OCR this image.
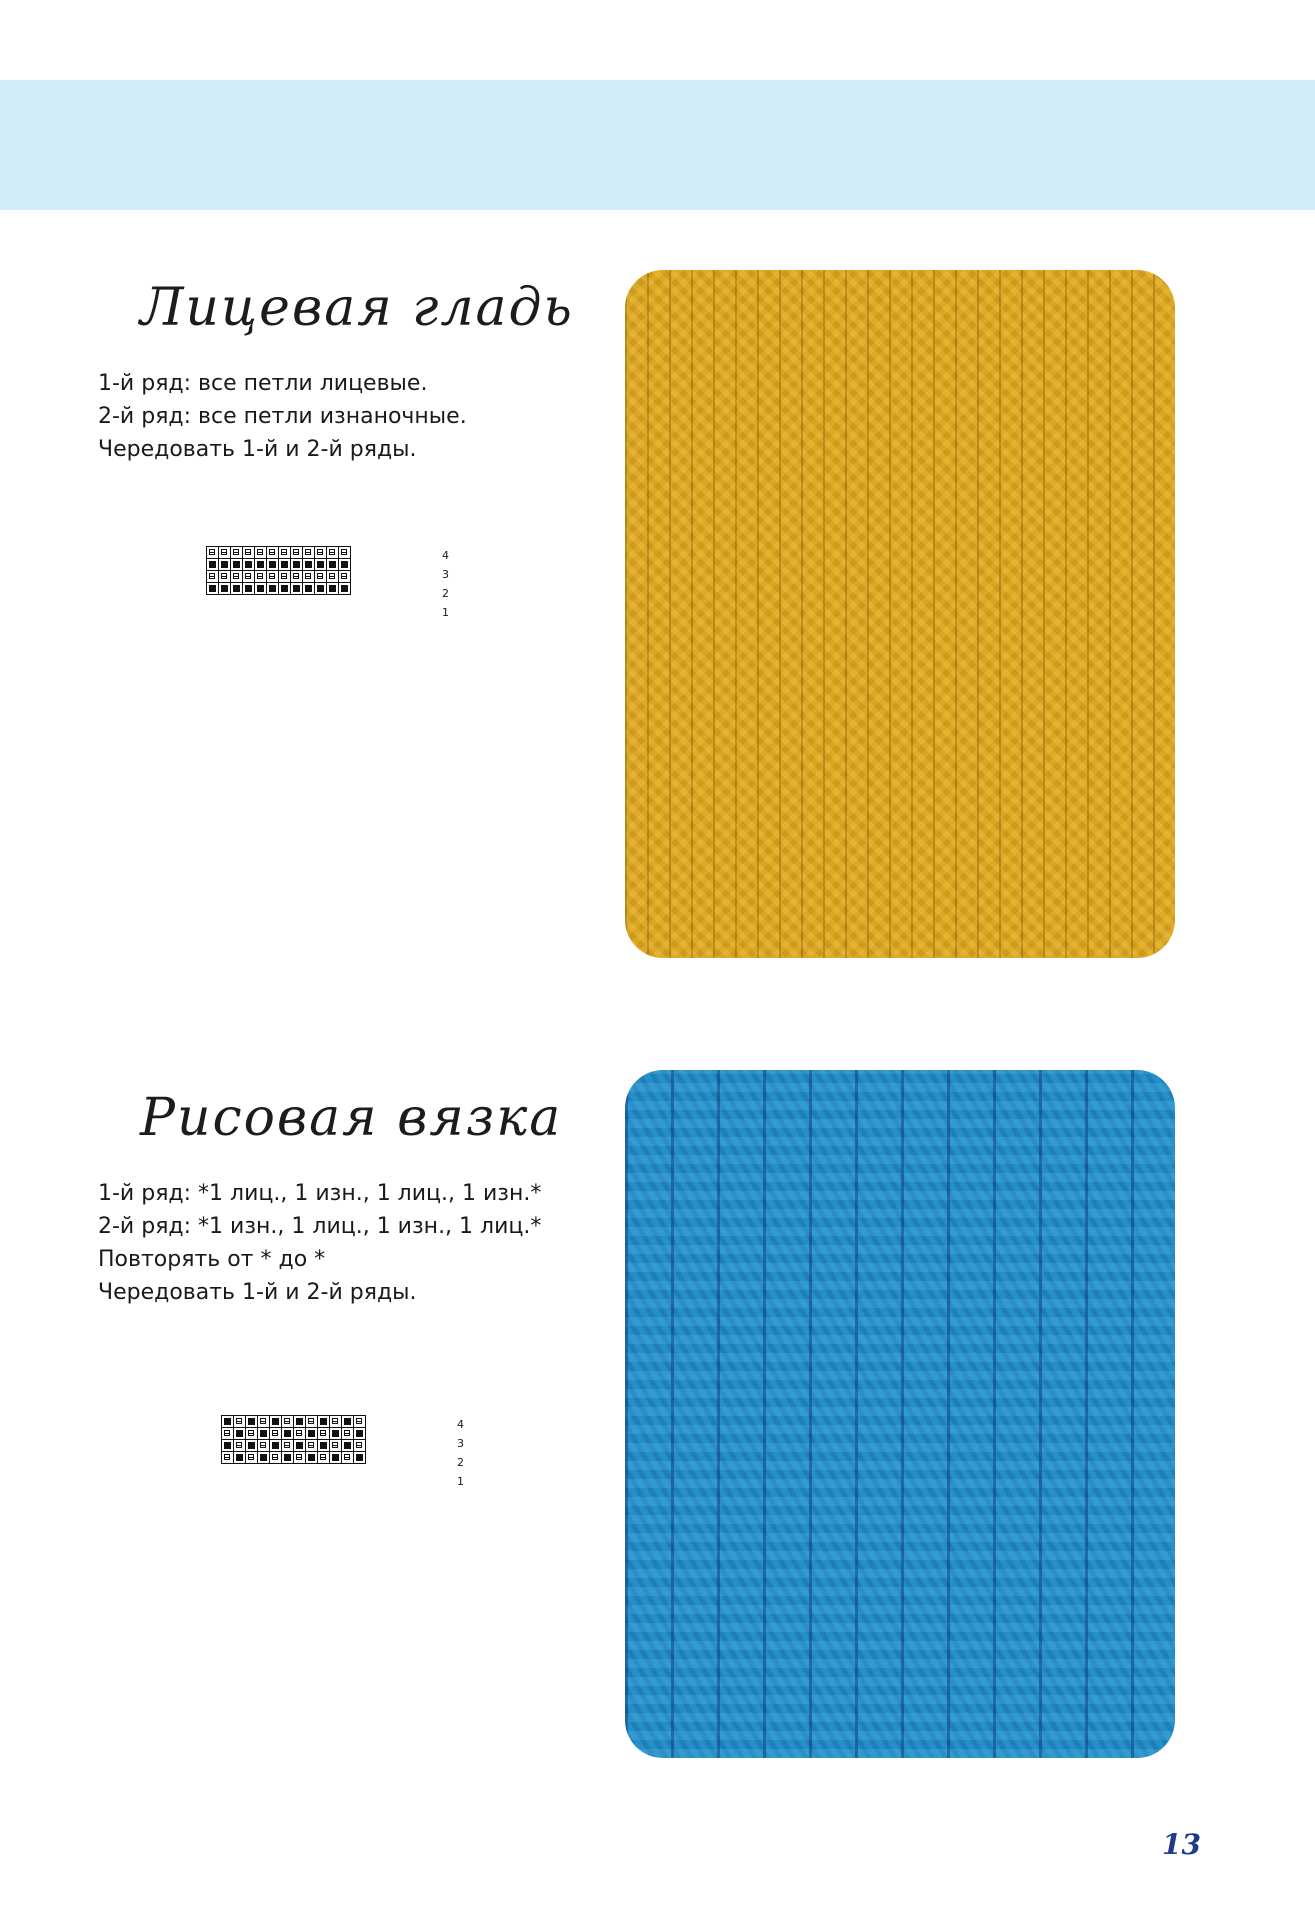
Лицевая гладь
1-й ряд: все петли лицевые.
2-й ряд: все петли изнаночные.
Чередовать 1-й и 2-й ряды.

4
3
2
1
Рисовая вязка
1-й ряд: *1 лиц., 1 изн., 1 лиц., 1 изн.*
2-й ряд: *1 изн., 1 лиц., 1 изн., 1 лиц.*
Повторять от * до *
Чередовать 1-й и 2-й ряды.

4
3
2
1
13
